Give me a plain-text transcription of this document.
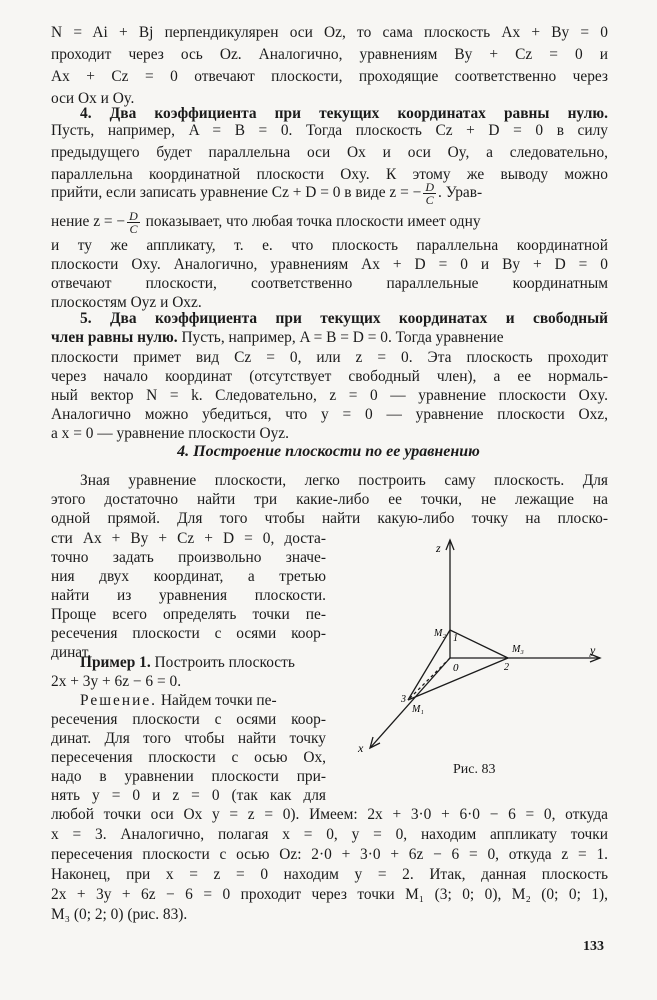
N = Ai + Bj перпендикулярен оси Oz, то сама плоскость Ax + By = 0
проходит через ось Oz. Аналогично, уравнениям By + Cz = 0 и
Ax + Cz = 0 отвечают плоскости, проходящие соответственно через
оси Ox и Oy.
4. Два коэффициента при текущих координатах равны нулю.
Пусть, например, A = B = 0. Тогда плоскость Cz + D = 0 в силу
предыдущего будет параллельна оси Ox и оси Oy, а следовательно,
параллельна координатной плоскости Oxy. К этому же выводу можно
прийти, если записать уравнение Cz + D = 0 в виде z = − $\frac{D}{C}$ . Урав-
нение z = − $\frac{D}{C}$ показывает, что любая точка плоскости имеет одну
и ту же аппликату, т. е. что плоскость параллельна координатной
плоскости Oxy. Аналогично, уравнениям Ax + D = 0 и By + D = 0
отвечают плоскости, соответственно параллельные координатным
плоскостям Oyz и Oxz.
5. Два коэффициента при текущих координатах и свободный
член равны нулю. Пусть, например, A = B = D = 0. Тогда уравнение
плоскости примет вид Cz = 0, или z = 0. Эта плоскость проходит
через начало координат (отсутствует свободный член), а ее нормаль-
ный вектор N = k. Следовательно, z = 0 — уравнение плоскости Oxy.
Аналогично можно убедиться, что y = 0 — уравнение плоскости Oxz,
а x = 0 — уравнение плоскости Oyz.
4. Построение плоскости по ее уравнению
Зная уравнение плоскости, легко построить саму плоскость. Для
этого достаточно найти три какие-либо ее точки, не лежащие на
одной прямой. Для того чтобы найти какую-либо точку на плоско-
сти Ax + By + Cz + D = 0, доста-
точно задать произвольно значе-
ния двух координат, а третью
найти из уравнения плоскости.
Проще всего определять точки пе-
ресечения плоскости с осями коор-
динат.
Пример 1. Построить плоскость
2x + 3y + 6z − 6 = 0.
Решение. Найдем точки пе-
ресечения плоскости с осями коор-
динат. Для того чтобы найти точку
пересечения плоскости с осью Ox,
надо в уравнении плоскости при-
нять y = 0 и z = 0 (так как для
z
y
x
0
M₂
M₃
M₁
1
2
3
Рис. 83
любой точки оси Ox y = z = 0). Имеем: 2x + 3·0 + 6·0 − 6 = 0, откуда
x = 3. Аналогично, полагая x = 0, y = 0, находим аппликату точки
пересечения плоскости с осью Oz: 2·0 + 3·0 + 6z − 6 = 0, откуда z = 1.
Наконец, при x = z = 0 находим y = 2. Итак, данная плоскость
2x + 3y + 6z − 6 = 0 проходит через точки M₁ (3; 0; 0), M₂ (0; 0; 1),
M₃ (0; 2; 0) (рис. 83).
133
